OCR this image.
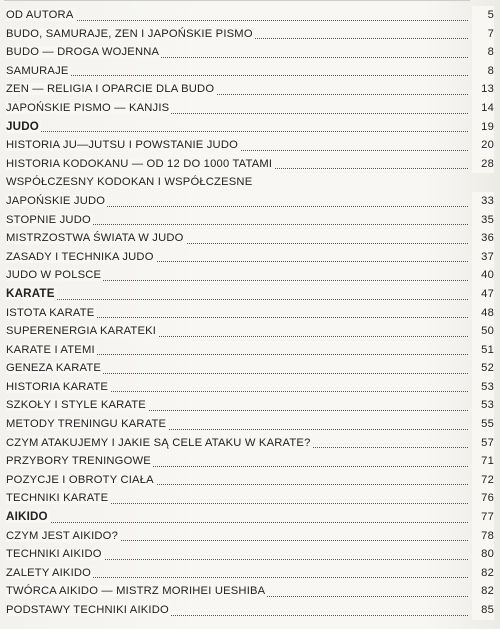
OD AUTORA	5
BUDO, SAMURAJE, ZEN I JAPOŃSKIE PISMO	7
BUDO — DROGA WOJENNA	8
SAMURAJE	8
ZEN — RELIGIA I OPARCIE DLA BUDO	13
JAPOŃSKIE PISMO — KANJIS	14
JUDO	19
HISTORIA JU—JUTSU I POWSTANIE JUDO	20
HISTORIA KODOKANU — OD 12 DO 1000 TATAMI	28
WSPÓŁCZESNY KODOKAN I WSPÓŁCZESNE
JAPOŃSKIE JUDO	33
STOPNIE JUDO	35
MISTRZOSTWA ŚWIATA W JUDO	36
ZASADY I TECHNIKA JUDO	37
JUDO W POLSCE	40
KARATE	47
ISTOTA KARATE	48
SUPERENERGIA KARATEKI	50
KARATE I ATEMI	51
GENEZA KARATE	52
HISTORIA KARATE	53
SZKOŁY I STYLE KARATE	53
METODY TRENINGU KARATE	55
CZYM ATAKUJEMY I JAKIE SĄ CELE ATAKU W KARATE?	57
PRZYBORY TRENINGOWE	71
POZYCJE I OBROTY CIAŁA	72
TECHNIKI KARATE	76
AIKIDO	77
CZYM JEST AIKIDO?	78
TECHNIKI AIKIDO	80
ZALETY AIKIDO	82
TWÓRCA AIKIDO — MISTRZ MORIHEI UESHIBA	82
PODSTAWY TECHNIKI AIKIDO	85
